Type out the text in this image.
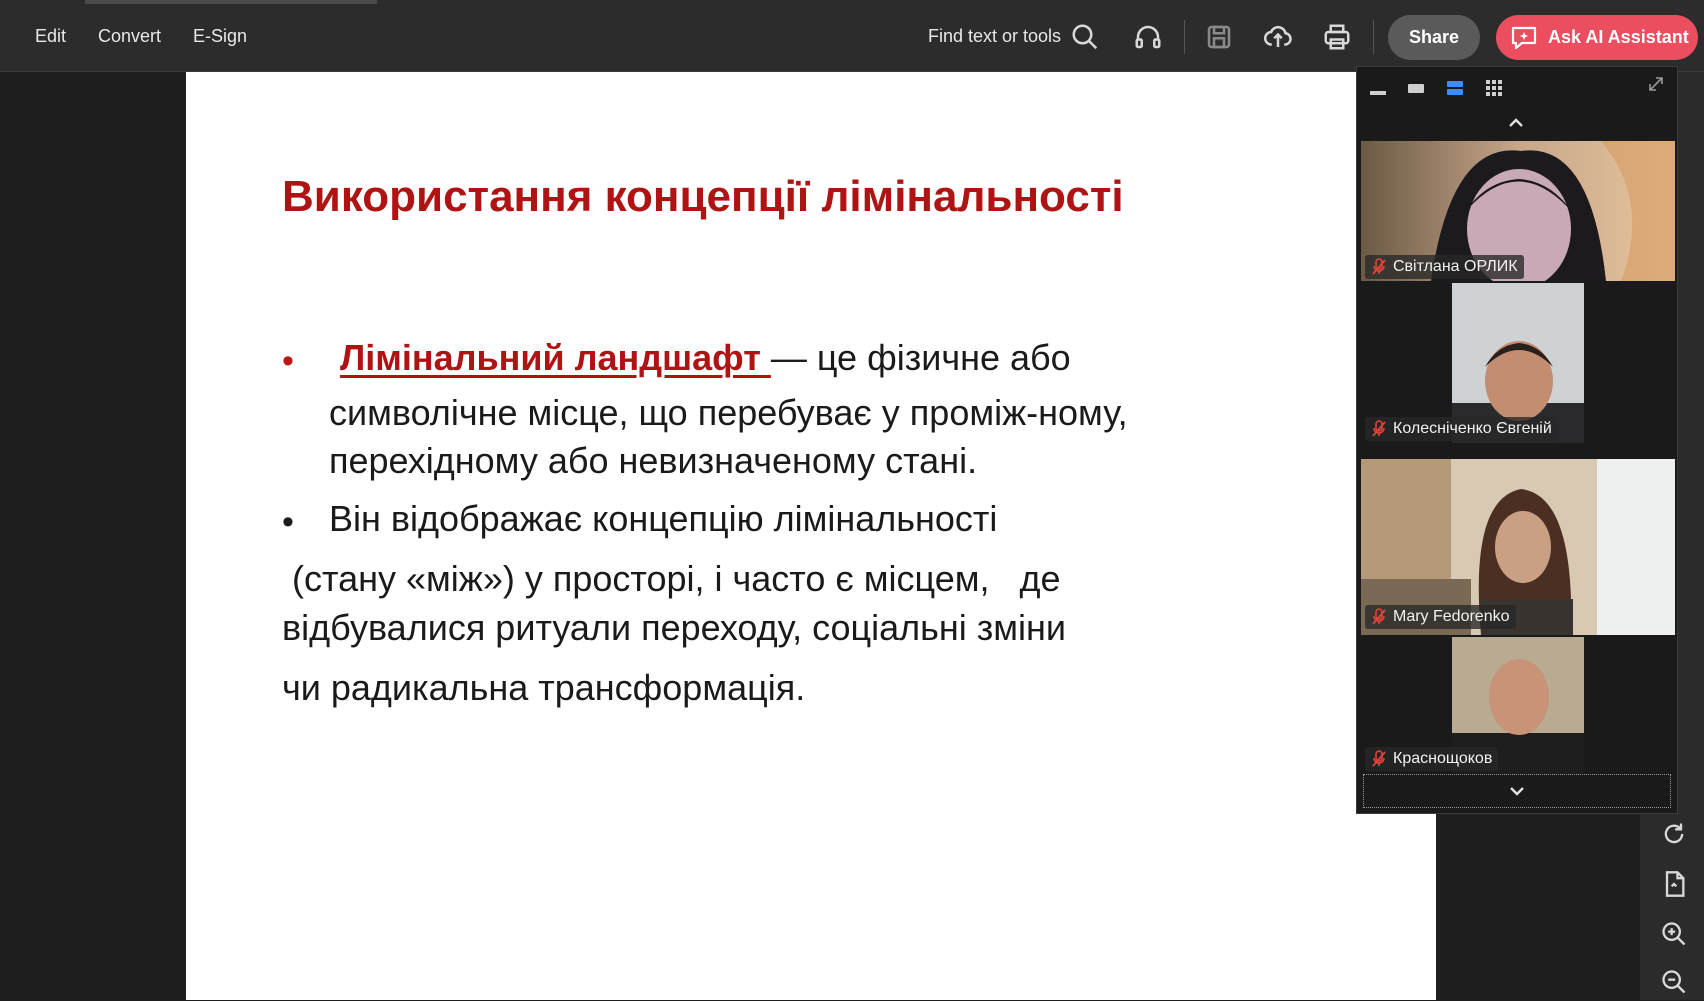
Edit Convert E-Sign	Find text or tools	Share	Ask AI Assistant
Використання концепції лімінальності
• Лімінальний ландшафт — це фізичне або
символічне місце, що перебуває у проміж-ному,
перехідному або невизначеному стані.
• Він відображає концепцію лімінальності
(стану «між») у просторі, і часто є місцем,   де
відбувалися ритуали переходу, соціальні зміни
чи радикальна трансформація.
Світлана ОРЛИК
Колесніченко Євгеній
Mary Fedorenko
Краснощоков
